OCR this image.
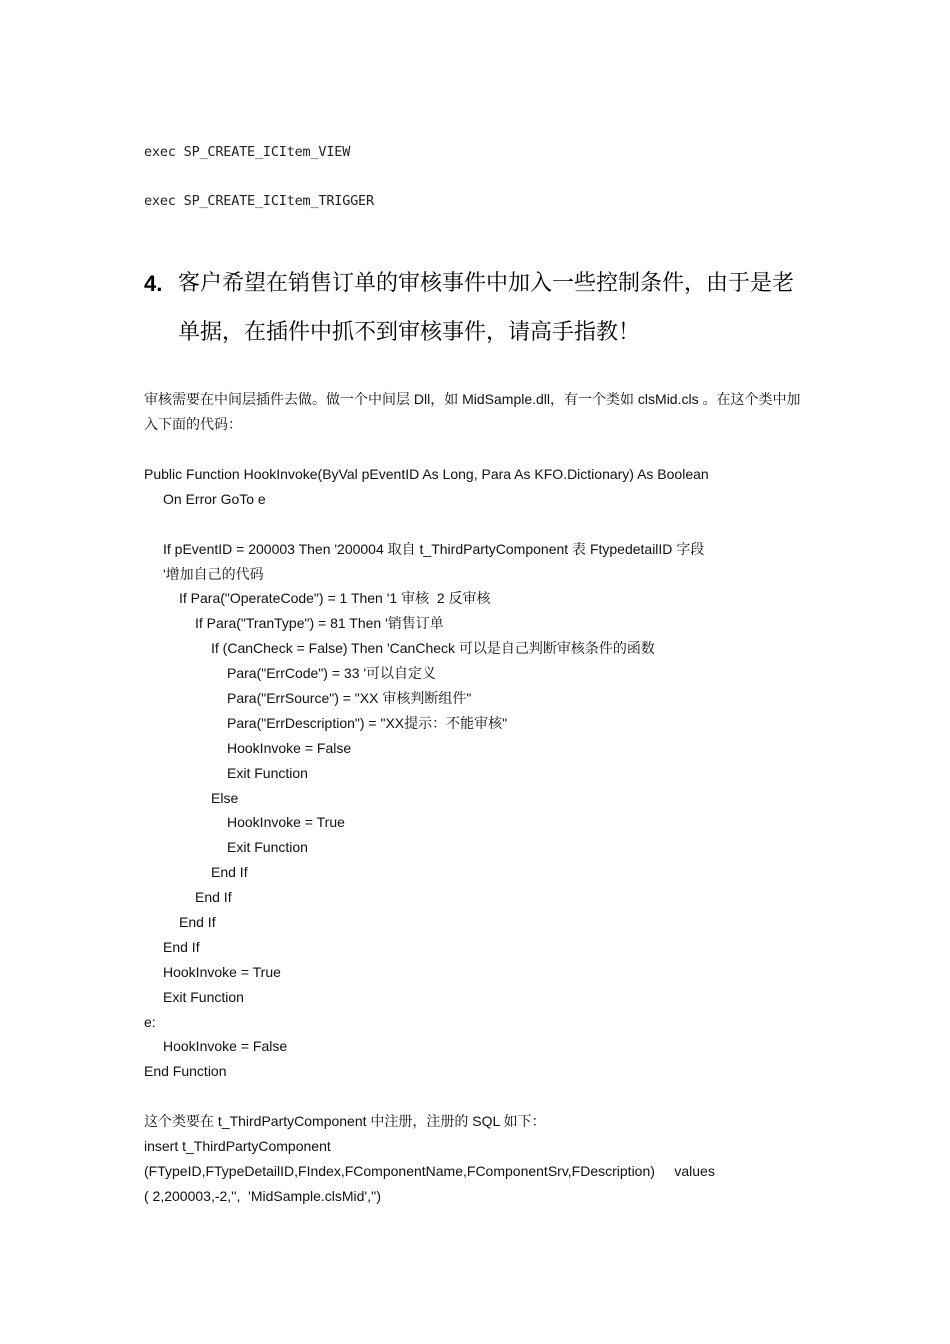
exec SP_CREATE_ICItem_VIEW
exec SP_CREATE_ICItem_TRIGGER
4. 客户希望在销售订单的审核事件中加入一些控制条件，由于是老
单据，在插件中抓不到审核事件，请高手指教！
审核需要在中间层插件去做。做一个中间层 Dll，如 MidSample.dll，有一个类如 clsMid.cls 。在这个类中加入下面的代码：
Public Function HookInvoke(ByVal pEventID As Long, Para As KFO.Dictionary) As Boolean
On Error GoTo e
If pEventID = 200003 Then '200004 取自 t_ThirdPartyComponent 表 FtypedetailID 字段
'增加自己的代码
If Para("OperateCode") = 1 Then '1 审核  2 反审核
If Para("TranType") = 81 Then '销售订单
If (CanCheck = False) Then 'CanCheck 可以是自己判断审核条件的函数
Para("ErrCode") = 33 '可以自定义
Para("ErrSource") = "XX 审核判断组件"
Para("ErrDescription") = "XX提示：不能审核"
HookInvoke = False
Exit Function
Else
HookInvoke = True
Exit Function
End If
End If
End If
End If
HookInvoke = True
Exit Function
e:
HookInvoke = False
End Function
这个类要在 t_ThirdPartyComponent 中注册，注册的 SQL 如下：
insert t_ThirdPartyComponent
(FTypeID,FTypeDetailID,FIndex,FComponentName,FComponentSrv,FDescription)     values
( 2,200003,-2,'',  'MidSample.clsMid','')
